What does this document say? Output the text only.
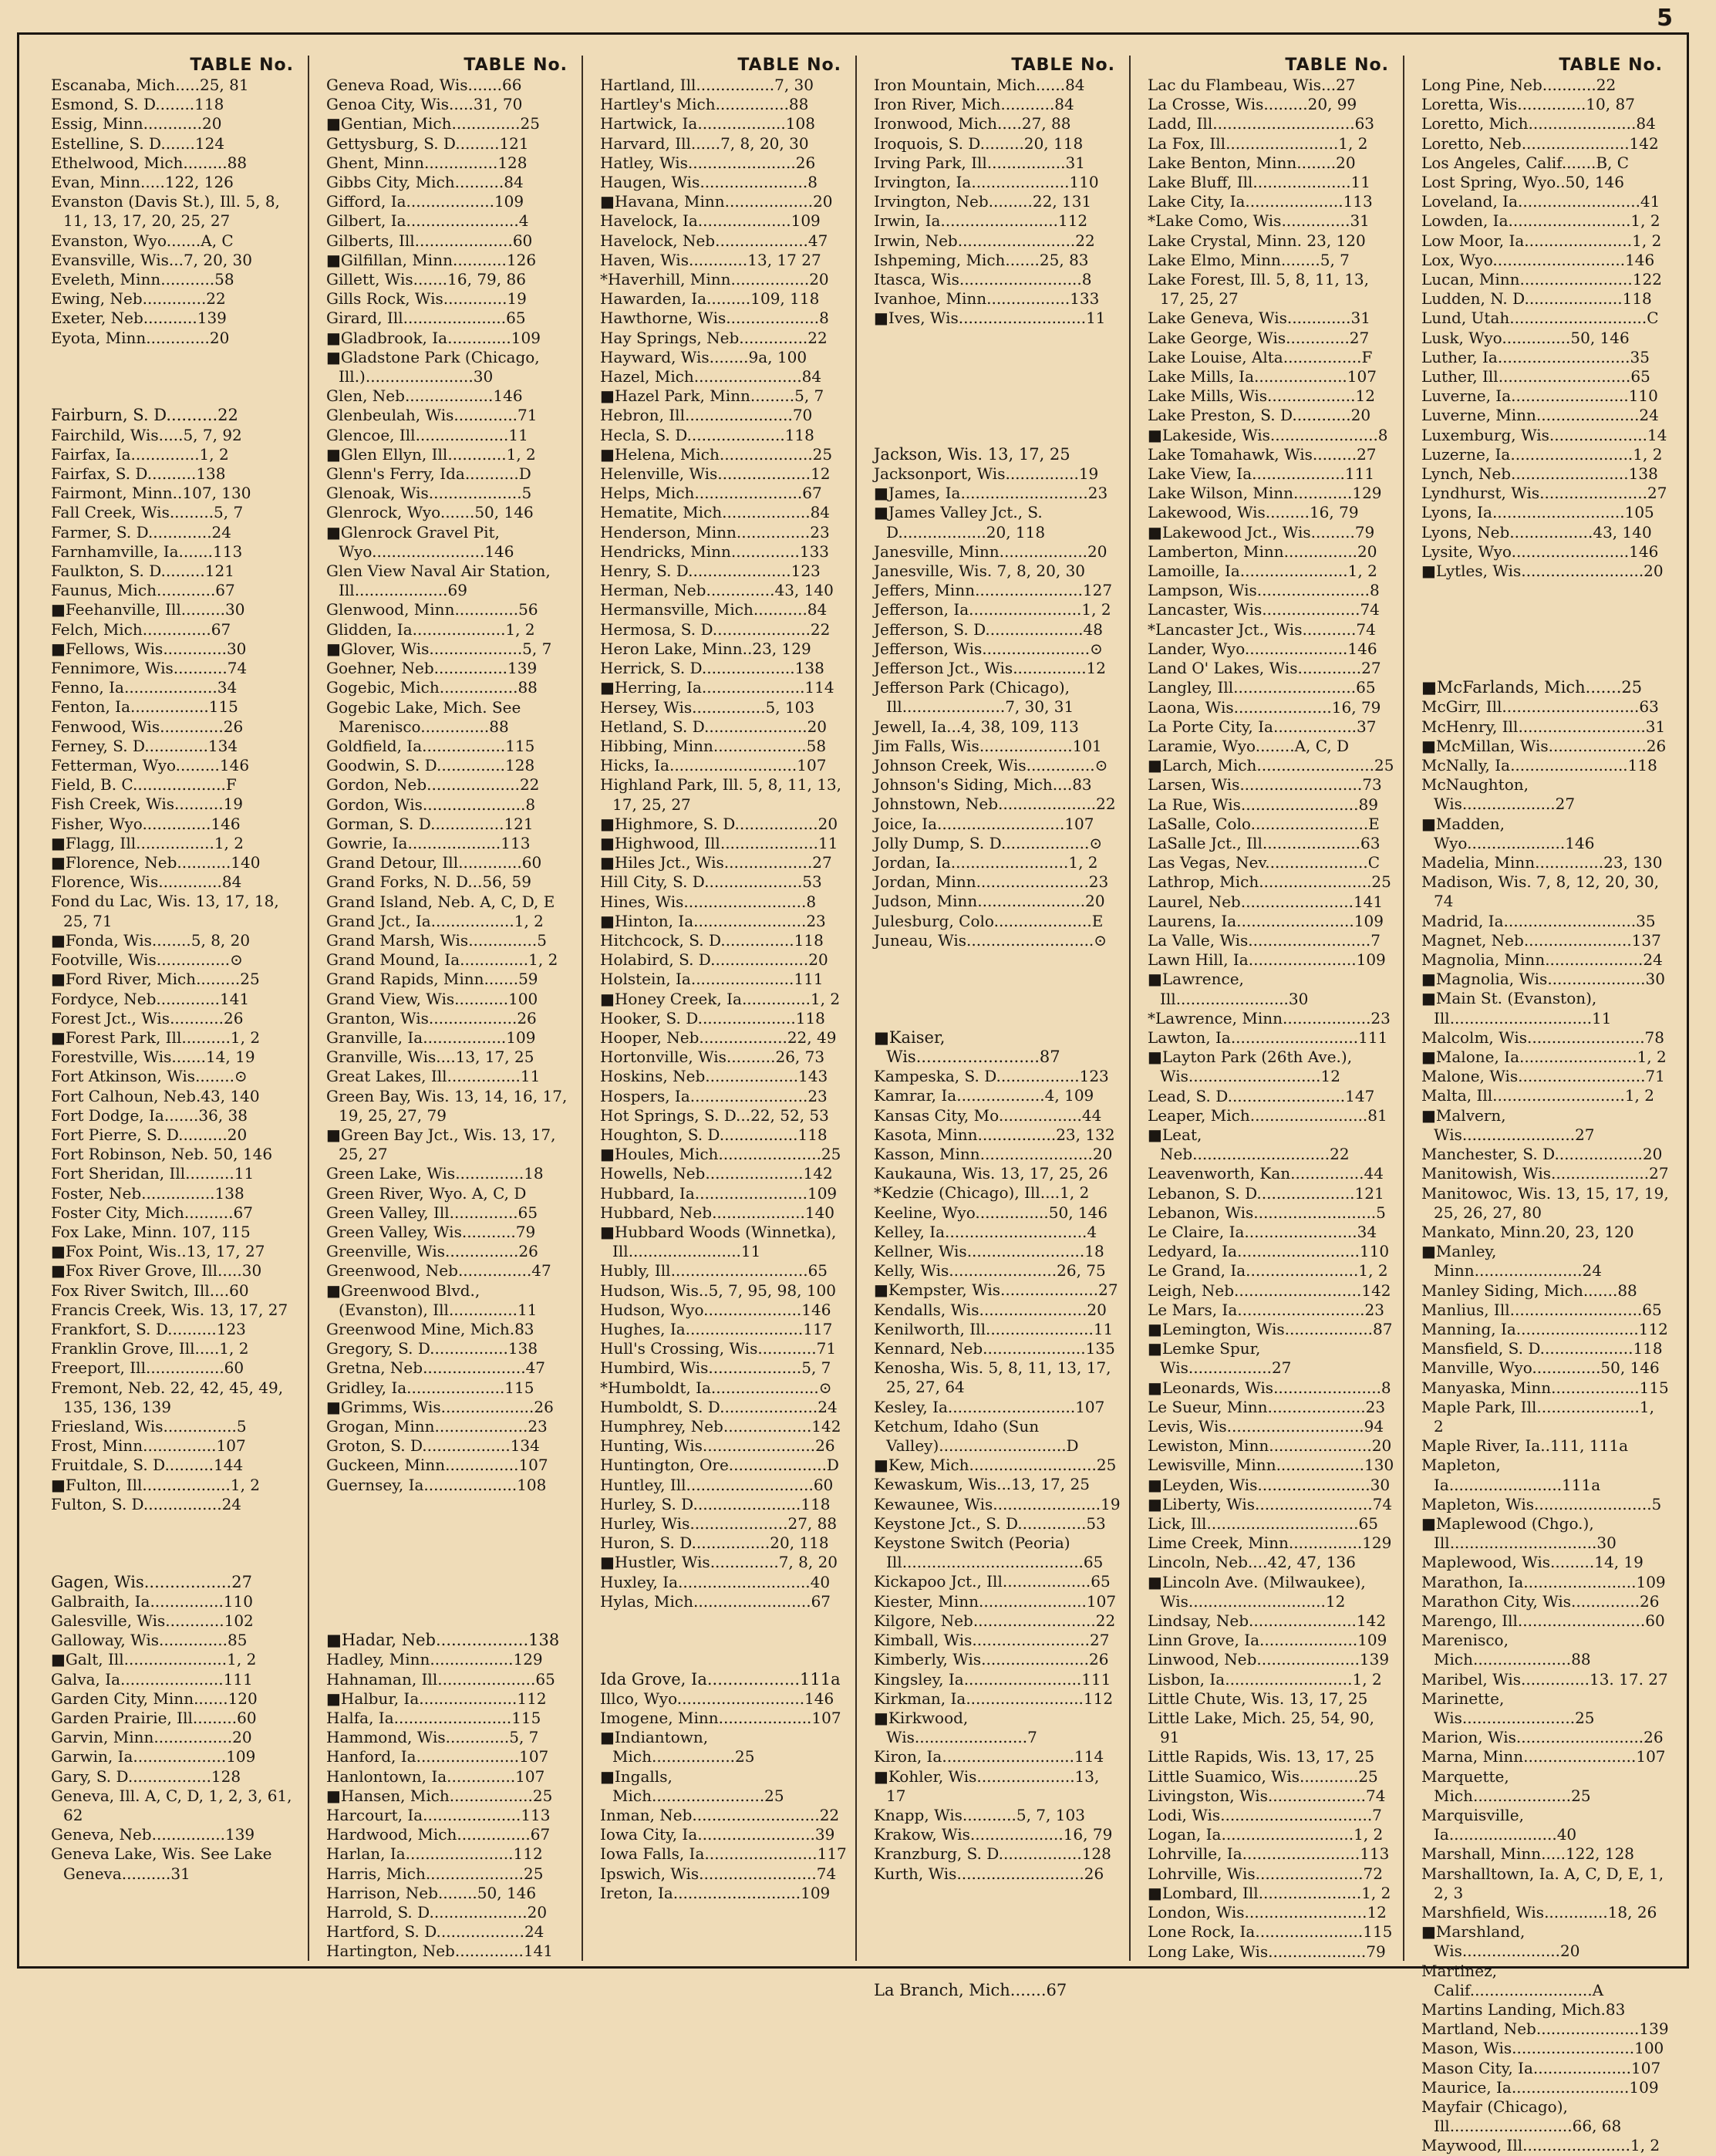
5
TABLE No.
Escanaba, Mich.....25, 81
Esmond, S. D........118
Essig, Minn............20
Estelline, S. D.......124
Ethelwood, Mich.........88
Evan, Minn.....122, 126
Evanston (Davis St.), Ill. 5, 8, 11, 13, 17, 20, 25, 27
Evanston, Wyo.......A, C
Evansville, Wis...7, 20, 30
Eveleth, Minn...........58
Ewing, Neb.............22
Exeter, Neb...........139
Eyota, Minn.............20
Fairburn, S. D..........22
Fairchild, Wis.....5, 7, 92
Fairfax, Ia..............1, 2
Fairfax, S. D..........138
Fairmont, Minn..107, 130
Fall Creek, Wis.........5, 7
Farmer, S. D.............24
Farnhamville, Ia.......113
Faulkton, S. D.........121
Faunus, Mich............67
■Feehanville, Ill.........30
Felch, Mich..............67
■Fellows, Wis.............30
Fennimore, Wis...........74
Fenno, Ia...................34
Fenton, Ia................115
Fenwood, Wis.............26
Ferney, S. D.............134
Fetterman, Wyo.........146
Field, B. C...................F
Fish Creek, Wis..........19
Fisher, Wyo..............146
■Flagg, Ill................1, 2
■Florence, Neb...........140
Florence, Wis.............84
Fond du Lac, Wis. 13, 17, 18, 25, 71
■Fonda, Wis........5, 8, 20
Footville, Wis...............⊙
■Ford River, Mich.........25
Fordyce, Neb.............141
Forest Jct., Wis...........26
■Forest Park, Ill..........1, 2
Forestville, Wis.......14, 19
Fort Atkinson, Wis........⊙
Fort Calhoun, Neb.43, 140
Fort Dodge, Ia.......36, 38
Fort Pierre, S. D..........20
Fort Robinson, Neb. 50, 146
Fort Sheridan, Ill..........11
Foster, Neb...............138
Foster City, Mich..........67
Fox Lake, Minn. 107, 115
■Fox Point, Wis..13, 17, 27
■Fox River Grove, Ill.....30
Fox River Switch, Ill....60
Francis Creek, Wis. 13, 17, 27
Frankfort, S. D..........123
Franklin Grove, Ill.....1, 2
Freeport, Ill................60
Fremont, Neb. 22, 42, 45, 49, 135, 136, 139
Friesland, Wis...............5
Frost, Minn...............107
Fruitdale, S. D..........144
■Fulton, Ill..................1, 2
Fulton, S. D................24
Gagen, Wis.................27
Galbraith, Ia...............110
Galesville, Wis............102
Galloway, Wis..............85
■Galt, Ill.....................1, 2
Galva, Ia.....................111
Garden City, Minn.......120
Garden Prairie, Ill.........60
Garvin, Minn................20
Garwin, Ia...................109
Gary, S. D.................128
Geneva, Ill. A, C, D, 1, 2, 3, 61, 62
Geneva, Neb...............139
Geneva Lake, Wis. See Lake Geneva..........31
TABLE No.
Geneva Road, Wis.......66
Genoa City, Wis.....31, 70
■Gentian, Mich..............25
Gettysburg, S. D.........121
Ghent, Minn...............128
Gibbs City, Mich..........84
Gifford, Ia..................109
Gilbert, Ia.......................4
Gilberts, Ill....................60
■Gilfillan, Minn...........126
Gillett, Wis.......16, 79, 86
Gills Rock, Wis.............19
Girard, Ill.....................65
■Gladbrook, Ia.............109
■Gladstone Park (Chicago, Ill.)......................30
Glen, Neb..................146
Glenbeulah, Wis.............71
Glencoe, Ill...................11
■Glen Ellyn, Ill............1, 2
Glenn's Ferry, Ida...........D
Glenoak, Wis...................5
Glenrock, Wyo.......50, 146
■Glenrock Gravel Pit, Wyo.......................146
Glen View Naval Air Station, Ill...................69
Glenwood, Minn.............56
Glidden, Ia...................1, 2
■Glover, Wis...................5, 7
Goehner, Neb...............139
Gogebic, Mich................88
Gogebic Lake, Mich. See Marenisco..............88
Goldfield, Ia.................115
Goodwin, S. D..............128
Gordon, Neb...................22
Gordon, Wis.....................8
Gorman, S. D...............121
Gowrie, Ia...................113
Grand Detour, Ill.............60
Grand Forks, N. D...56, 59
Grand Island, Neb. A, C, D, E
Grand Jct., Ia.................1, 2
Grand Marsh, Wis..............5
Grand Mound, Ia..............1, 2
Grand Rapids, Minn.......59
Grand View, Wis...........100
Granton, Wis..................26
Granville, Ia.................109
Granville, Wis....13, 17, 25
Great Lakes, Ill...............11
Green Bay, Wis. 13, 14, 16, 17, 19, 25, 27, 79
■Green Bay Jct., Wis. 13, 17, 25, 27
Green Lake, Wis..............18
Green River, Wyo. A, C, D
Green Valley, Ill..............65
Green Valley, Wis...........79
Greenville, Wis...............26
Greenwood, Neb...............47
■Greenwood Blvd., (Evanston), Ill..............11
Greenwood Mine, Mich.83
Gregory, S. D................138
Gretna, Neb.....................47
Gridley, Ia....................115
■Grimms, Wis...................26
Grogan, Minn...................23
Groton, S. D..................134
Guckeen, Minn...............107
Guernsey, Ia...................108
■Hadar, Neb..................138
Hadley, Minn.................129
Hahnaman, Ill....................65
■Halbur, Ia....................112
Halfa, Ia........................115
Hammond, Wis.............5, 7
Hanford, Ia.....................107
Hanlontown, Ia..............107
■Hansen, Mich.................25
Harcourt, Ia....................113
Hardwood, Mich...............67
Harlan, Ia......................112
Harris, Mich....................25
Harrison, Neb........50, 146
Harrold, S. D....................20
Hartford, S. D..................24
Hartington, Neb..............141
TABLE No.
Hartland, Ill................7, 30
Hartley's Mich...............88
Hartwick, Ia..................108
Harvard, Ill......7, 8, 20, 30
Hatley, Wis......................26
Haugen, Wis......................8
■Havana, Minn..................20
Havelock, Ia...................109
Havelock, Neb...................47
Haven, Wis............13, 17 27
*Haverhill, Minn................20
Hawarden, Ia.........109, 118
Hawthorne, Wis...................8
Hay Springs, Neb..............22
Hayward, Wis........9a, 100
Hazel, Mich......................84
■Hazel Park, Minn.........5, 7
Hebron, Ill......................70
Hecla, S. D....................118
■Helena, Mich...................25
Helenville, Wis...................12
Helps, Mich......................67
Hematite, Mich..................84
Henderson, Minn...............23
Hendricks, Minn..............133
Henry, S. D.....................123
Herman, Neb..............43, 140
Hermansville, Mich...........84
Hermosa, S. D....................22
Heron Lake, Minn..23, 129
Herrick, S. D...................138
■Herring, Ia.....................114
Hersey, Wis...............5, 103
Hetland, S. D.....................20
Hibbing, Minn...................58
Hicks, Ia..........................107
Highland Park, Ill. 5, 8, 11, 13, 17, 25, 27
■Highmore, S. D.................20
■Highwood, Ill....................11
■Hiles Jct., Wis..................27
Hill City, S. D....................53
Hines, Wis.........................8
■Hinton, Ia.......................23
Hitchcock, S. D...............118
Holabird, S. D....................20
Holstein, Ia.....................111
■Honey Creek, Ia..............1, 2
Hooker, S. D....................118
Hooper, Neb..................22, 49
Hortonville, Wis..........26, 73
Hoskins, Neb...................143
Hospers, Ia........................23
Hot Springs, S. D...22, 52, 53
Houghton, S. D................118
■Houles, Mich.....................25
Howells, Neb....................142
Hubbard, Ia.......................109
Hubbard, Neb...................140
■Hubbard Woods (Winnetka), Ill.......................11
Hubly, Ill............................65
Hudson, Wis..5, 7, 95, 98, 100
Hudson, Wyo....................146
Hughes, Ia........................117
Hull's Crossing, Wis............71
Humbird, Wis...................5, 7
*Humboldt, Ia......................⊙
Humboldt, S. D....................24
Humphrey, Neb..................142
Hunting, Wis.......................26
Huntington, Ore....................D
Huntley, Ill..........................60
Hurley, S. D......................118
Hurley, Wis....................27, 88
Huron, S. D................20, 118
■Hustler, Wis..............7, 8, 20
Huxley, Ia...........................40
Hylas, Mich........................67
Ida Grove, Ia..................111a
Illco, Wyo..........................146
Imogene, Minn...................107
■Indiantown, Mich.................25
■Ingalls, Mich.......................25
Inman, Neb..........................22
Iowa City, Ia........................39
Iowa Falls, Ia.......................117
Ipswich, Wis........................74
Ireton, Ia..........................109
TABLE No.
Iron Mountain, Mich......84
Iron River, Mich...........84
Ironwood, Mich.....27, 88
Iroquois, S. D.........20, 118
Irving Park, Ill................31
Irvington, Ia....................110
Irvington, Neb.........22, 131
Irwin, Ia........................112
Irwin, Neb........................22
Ishpeming, Mich.......25, 83
Itasca, Wis.........................8
Ivanhoe, Minn.................133
■Ives, Wis..........................11
Jackson, Wis. 13, 17, 25
Jacksonport, Wis...............19
■James, Ia..........................23
■James Valley Jct., S. D..................20, 118
Janesville, Minn..................20
Janesville, Wis. 7, 8, 20, 30
Jeffers, Minn......................127
Jefferson, Ia.......................1, 2
Jefferson, S. D....................48
Jefferson, Wis......................⊙
Jefferson Jct., Wis...............12
Jefferson Park (Chicago), Ill.....................7, 30, 31
Jewell, Ia...4, 38, 109, 113
Jim Falls, Wis...................101
Johnson Creek, Wis..............⊙
Johnson's Siding, Mich....83
Johnstown, Neb....................22
Joice, Ia..........................107
Jolly Dump, S. D..................⊙
Jordan, Ia........................1, 2
Jordan, Minn.......................23
Judson, Minn......................20
Julesburg, Colo....................E
Juneau, Wis..........................⊙
■Kaiser, Wis........................87
Kampeska, S. D.................123
Kamrar, Ia..................4, 109
Kansas City, Mo.................44
Kasota, Minn................23, 132
Kasson, Minn.......................20
Kaukauna, Wis. 13, 17, 25, 26
*Kedzie (Chicago), Ill....1, 2
Keeline, Wyo...............50, 146
Kelley, Ia.............................4
Kellner, Wis........................18
Kelly, Wis......................26, 75
■Kempster, Wis....................27
Kendalls, Wis......................20
Kenilworth, Ill......................11
Kennard, Neb.....................135
Kenosha, Wis. 5, 8, 11, 13, 17, 25, 27, 64
Kesley, Ia..........................107
Ketchum, Idaho (Sun Valley)..........................D
■Kew, Mich..........................25
Kewaskum, Wis...13, 17, 25
Kewaunee, Wis......................19
Keystone Jct., S. D..............53
Keystone Switch (Peoria) Ill.....................................65
Kickapoo Jct., Ill..................65
Kiester, Minn......................107
Kilgore, Neb.........................22
Kimball, Wis........................27
Kimberly, Wis......................26
Kingsley, Ia........................111
Kirkman, Ia........................112
■Kirkwood, Wis.......................7
Kiron, Ia...........................114
■Kohler, Wis....................13, 17
Knapp, Wis...........5, 7, 103
Krakow, Wis...................16, 79
Kranzburg, S. D.................128
Kurth, Wis..........................26
La Branch, Mich.......67
TABLE No.
Lac du Flambeau, Wis...27
La Crosse, Wis.........20, 99
Ladd, Ill.............................63
La Fox, Ill.......................1, 2
Lake Benton, Minn........20
Lake Bluff, Ill....................11
Lake City, Ia....................113
*Lake Como, Wis..............31
Lake Crystal, Minn. 23, 120
Lake Elmo, Minn........5, 7
Lake Forest, Ill. 5, 8, 11, 13, 17, 25, 27
Lake Geneva, Wis.............31
Lake George, Wis.............27
Lake Louise, Alta................F
Lake Mills, Ia...................107
Lake Mills, Wis..................12
Lake Preston, S. D............20
■Lakeside, Wis......................8
Lake Tomahawk, Wis.........27
Lake View, Ia...................111
Lake Wilson, Minn............129
Lakewood, Wis.........16, 79
■Lakewood Jct., Wis.........79
Lamberton, Minn...............20
Lamoille, Ia......................1, 2
Lampson, Wis.......................8
Lancaster, Wis....................74
*Lancaster Jct., Wis...........74
Lander, Wyo.....................146
Land O' Lakes, Wis.............27
Langley, Ill.........................65
Laona, Wis....................16, 79
La Porte City, Ia.................37
Laramie, Wyo........A, C, D
■Larch, Mich........................25
Larsen, Wis.........................73
La Rue, Wis........................89
LaSalle, Colo........................E
LaSalle Jct., Ill....................63
Las Vegas, Nev.....................C
Lathrop, Mich.......................25
Laurel, Neb.......................141
Laurens, Ia........................109
La Valle, Wis.........................7
Lawn Hill, Ia......................109
■Lawrence, Ill.......................30
*Lawrence, Minn..................23
Lawton, Ia..........................111
■Layton Park (26th Ave.), Wis...........................12
Lead, S. D........................147
Leaper, Mich........................81
■Leat, Neb............................22
Leavenworth, Kan...............44
Lebanon, S. D....................121
Lebanon, Wis.........................5
Le Claire, Ia.......................34
Ledyard, Ia.........................110
Le Grand, Ia.......................1, 2
Leigh, Neb..........................142
Le Mars, Ia..........................23
■Lemington, Wis..................87
■Lemke Spur, Wis.................27
■Leonards, Wis......................8
Le Sueur, Minn....................23
Levis, Wis............................94
Lewiston, Minn.....................20
Lewisville, Minn..................130
■Leyden, Wis.......................30
■Liberty, Wis........................74
Lick, Ill...............................65
Lime Creek, Minn...............129
Lincoln, Neb....42, 47, 136
■Lincoln Ave. (Milwaukee), Wis............................12
Lindsay, Neb......................142
Linn Grove, Ia....................109
Linwood, Neb.....................139
Lisbon, Ia..........................1, 2
Little Chute, Wis. 13, 17, 25
Little Lake, Mich. 25, 54, 90, 91
Little Rapids, Wis. 13, 17, 25
Little Suamico, Wis............25
Livingston, Wis....................74
Lodi, Wis...............................7
Logan, Ia...........................1, 2
Lohrville, Ia........................113
Lohrville, Wis......................72
■Lombard, Ill.....................1, 2
London, Wis.........................12
Lone Rock, Ia......................115
Long Lake, Wis....................79
TABLE No.
Long Pine, Neb...........22
Loretta, Wis..............10, 87
Loretto, Mich......................84
Loretto, Neb......................142
Los Angeles, Calif.......B, C
Lost Spring, Wyo..50, 146
Loveland, Ia.........................41
Lowden, Ia.........................1, 2
Low Moor, Ia......................1, 2
Lox, Wyo...........................146
Lucan, Minn.......................122
Ludden, N. D....................118
Lund, Utah............................C
Lusk, Wyo..............50, 146
Luther, Ia...........................35
Luther, Ill...........................65
Luverne, Ia........................110
Luverne, Minn.....................24
Luxemburg, Wis....................14
Luzerne, Ia.........................1, 2
Lynch, Neb........................138
Lyndhurst, Wis......................27
Lyons, Ia...........................105
Lyons, Neb.................43, 140
Lysite, Wyo........................146
■Lytles, Wis.........................20
■McFarlands, Mich.......25
McGirr, Ill............................63
McHenry, Ill..........................31
■McMillan, Wis....................26
McNally, Ia........................118
McNaughton, Wis...................27
■Madden, Wyo....................146
Madelia, Minn..............23, 130
Madison, Wis. 7, 8, 12, 20, 30, 74
Madrid, Ia...........................35
Magnet, Neb......................137
Magnolia, Minn....................24
■Magnolia, Wis....................30
■Main St. (Evanston), Ill.............................11
Malcolm, Wis........................78
■Malone, Ia........................1, 2
Malone, Wis..........................71
Malta, Ill...........................1, 2
■Malvern, Wis.......................27
Manchester, S. D..................20
Manitowish, Wis....................27
Manitowoc, Wis. 13, 15, 17, 19, 25, 26, 27, 80
Mankato, Minn.20, 23, 120
■Manley, Minn......................24
Manley Siding, Mich.......88
Manlius, Ill...........................65
Manning, Ia.........................112
Mansfield, S. D...................118
Manville, Wyo..............50, 146
Manyaska, Minn..................115
Maple Park, Ill.....................1, 2
Maple River, Ia..111, 111a
Mapleton, Ia.......................111a
Mapleton, Wis........................5
■Maplewood (Chgo.), Ill..............................30
Maplewood, Wis.........14, 19
Marathon, Ia.......................109
Marathon City, Wis..............26
Marengo, Ill..........................60
Marenisco, Mich....................88
Maribel, Wis..............13. 17. 27
Marinette, Wis.......................25
Marion, Wis..........................26
Marna, Minn.......................107
Marquette, Mich....................25
Marquisville, Ia......................40
Marshall, Minn.....122, 128
Marshalltown, Ia. A, C, D, E, 1, 2, 3
Marshfield, Wis.............18, 26
■Marshland, Wis....................20
Martinez, Calif.........................A
Martins Landing, Mich.83
Martland, Neb.....................139
Mason, Wis.........................100
Mason City, Ia....................107
Maurice, Ia........................109
Mayfair (Chicago), Ill.........................66, 68
Maywood, Ill......................1, 2
